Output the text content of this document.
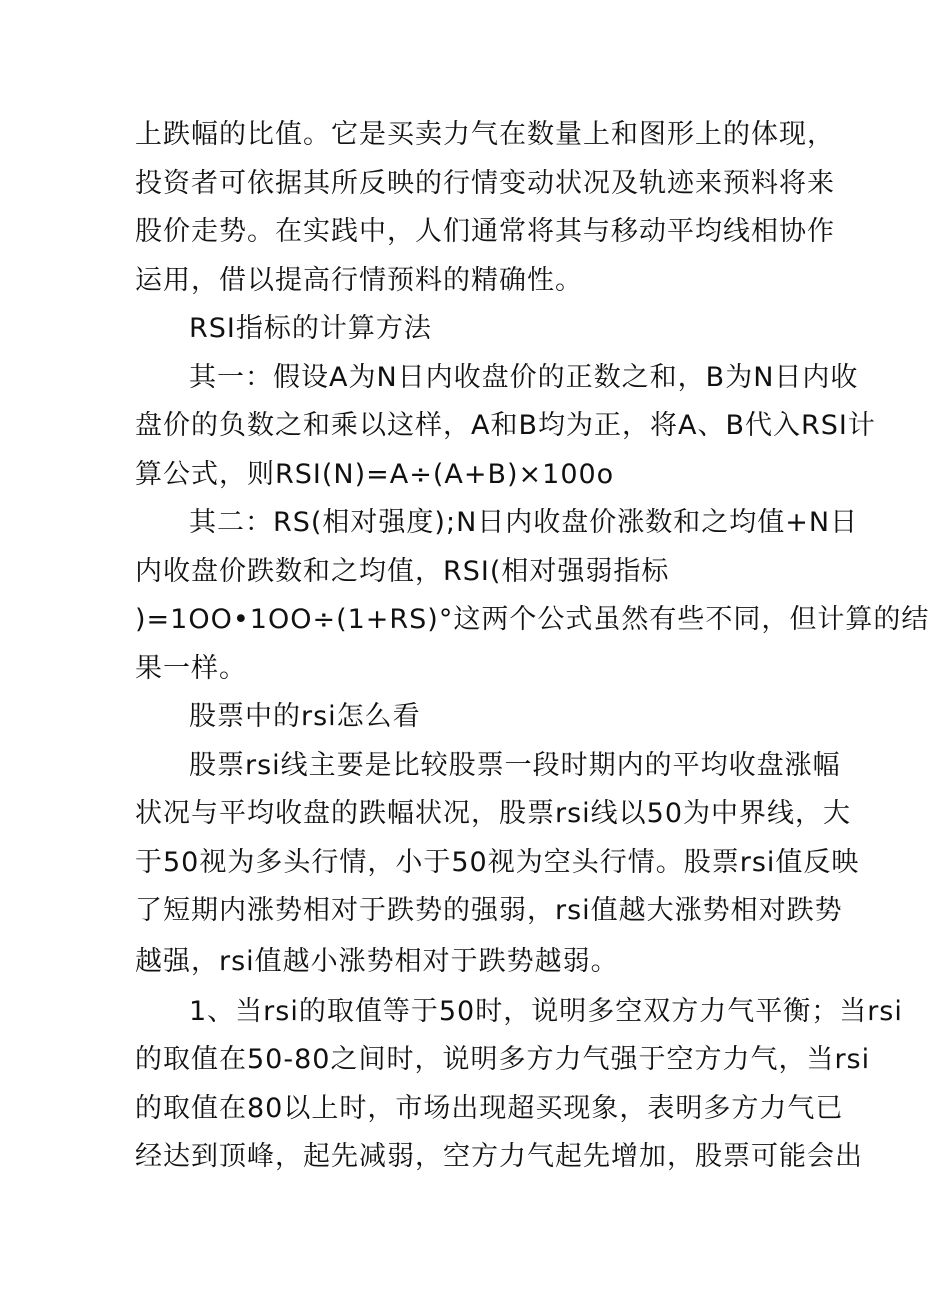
上跌幅的比值。它是买卖力气在数量上和图形上的体现，
投资者可依据其所反映的行情变动状况及轨迹来预料将来
股价走势。在实践中，人们通常将其与移动平均线相协作
运用，借以提高行情预料的精确性。
RSI指标的计算方法
其一：假设A为N日内收盘价的正数之和，B为N日内收
盘价的负数之和乘以这样，A和B均为正，将A、B代入RSI计
算公式，则RSI(N)=A÷(A+B)×100o
其二：RS(相对强度);N日内收盘价涨数和之均值+N日
内收盘价跌数和之均值，RSI(相对强弱指标
)=1OO•1OO÷(1+RS)°这两个公式虽然有些不同，但计算的结
果一样。
股票中的rsi怎么看
股票rsi线主要是比较股票一段时期内的平均收盘涨幅
状况与平均收盘的跌幅状况，股票rsi线以50为中界线，大
于50视为多头行情，小于50视为空头行情。股票rsi值反映
了短期内涨势相对于跌势的强弱，rsi值越大涨势相对跌势
越强，rsi值越小涨势相对于跌势越弱。
1、当rsi的取值等于50时，说明多空双方力气平衡；当rsi
的取值在50-80之间时，说明多方力气强于空方力气，当rsi
的取值在80以上时，市场出现超买现象，表明多方力气已
经达到顶峰，起先减弱，空方力气起先增加，股票可能会出
